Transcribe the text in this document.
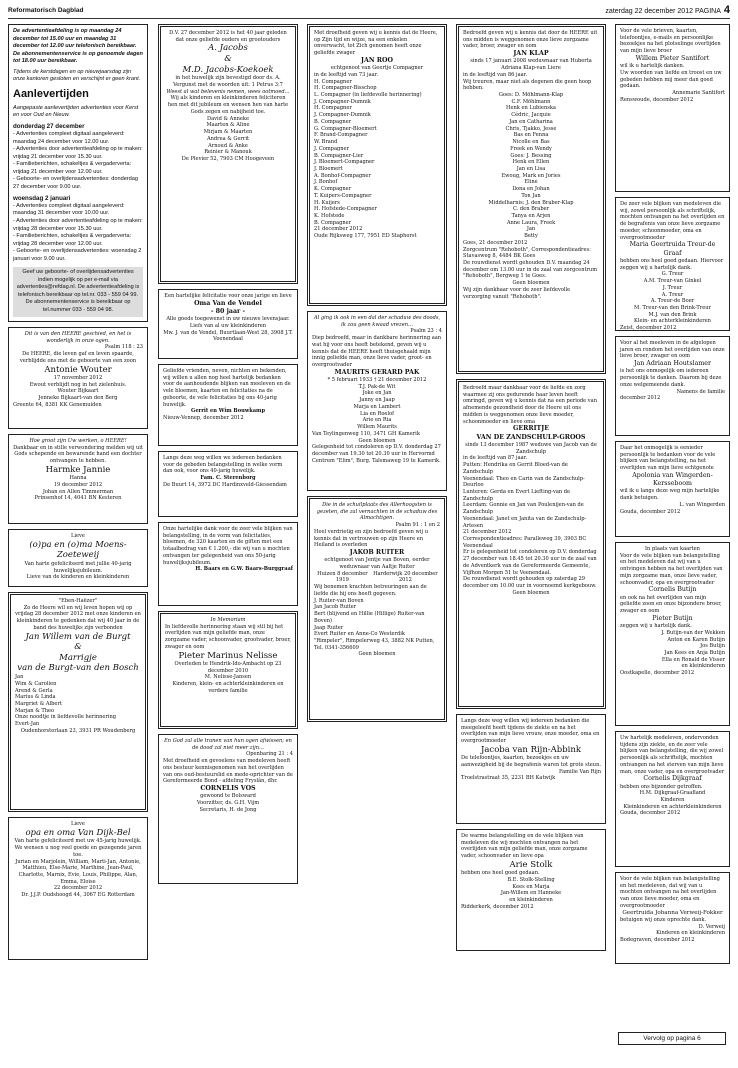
Reformatorisch Dagblad	zaterdag 22 december 2012 PAGINA 4
De advertentieafdeling is op maandag 24 december tot 15.00 uur en maandag 31 december tot 12.00 uur telefonisch bereikbaar. De abonnementenservice is op genoemde dagen tot 18.00 uur bereikbaar.
Tijdens de kerstdagen en op nieuwjaarsdag zijn onze kantoren gesloten en verschijnt er geen krant.
Aanlevertijden
Aangepaste aanlevertijden advertenties voor Kerst en voor Oud en Nieuw.
donderdag 27 december
- Advertenties compleet digitaal aangeleverd: maandag 24 december voor 12.00 uur.
- Advertenties door advertentieafdeling op te maken: vrijdag 21 december voor 15.30 uur.
- Familieberichten, schakeltjes & vergaderverta: vrijdag 21 december voor 12.00 uur.
- Geboorte- en overlijdensadvertenties: donderdag 27 december voor 9.00 uur.
woensdag 2 januari
- Advertenties compleet digitaal aangeleverd: maandag 31 december voor 10.00 uur.
- Advertenties door advertentieafdeling op te maken: vrijdag 28 december voor 15.30 uur.
- Familieberichten, schakeltjes & vergaderverta: vrijdag 28 december voor 12.00 uur.
- Geboorte- en overlijdensadvertenties: woensdag 2 januari voor 9.00 uur.
Geef uw geboorte- of overlijdensadvertenties indien mogelijk op per e-mail via advertenties@refdag.nl. De advertentieafdeling is telefonisch bereikbaar op tel.nr. 033 - 559 04 99. De abonnementenservice is bereikbaar op tel.nummer 033 - 559 04 98.
Dit is van den HEERE geschied, en het is wonderlijk in onze ogen.
Psalm 118 : 23
De HEERE, die leven gaf en leven spaarde, verblijdde ons met de geboorte van een zoon
Antonie Wouter
17 november 2012
Ewout verblijdt nog in het zielenhuis.
Wouter Bijkaart
Jenneke Bijkaart-van den Berg
Greente 64, 8381 KK Genemuiden
Hoe groot zijn Uw werken, o HEERE!
Dankbaar en in stille verwondering melden wij uit Gods schepende en bewarende hand een dochter ontvangen te hebben.
Harmke Jannie
Hanna
19 december 2012
Johan en Allen Timmerman
Prinsenhof 14, 4041 BN Kesteren
Lieve
(o)pa en (o)ma Moens-Zoeteweij
Van harte gefeliciteerd met jullie 40-jarig huwelijksjubileum.
Lieve van de kinderen en kleinkinderen
"Eben-Haëzer"
Zo de Heere wil en wij leven hopen wij op vrijdag 28 december 2012 met onze kinderen en kleinkinderen te gedenken dat wij 40 jaar in de band des huwelijks zijn verbonden
Jan Willem van de Burgt
&
Marrigje
van de Burgt-van den Bosch
Jan
Wim & Carolien
Arend & Gerla
Marius & Linda
Margriet & Albert
Marjan & Theo
Onze noodtje in liefdevolle herinnering
Evert-Jan
Oudenhorsterlaan 23, 3931 PR Woudenberg
Lieve
opa en oma Van Dijk-Bel
Van harte gefeliciteerd met uw 45-jarig huwelijk. We wensen u nog veel goede en gezegende jaren toe.
Jurian en Marjolein, William, Marti-Jan, Antonie, Matthieu, Else-Marie, Marthine, Jean-Paul, Charlotte, Marnix, Evie, Louis, Philippe, Alan, Emma, Eloise
22 december 2012
Dr. J.J.P. Oudshoogd 44, 3067 EG Rotterdam
D.V. 27 december 2012 is het 40 jaar geleden dat onze geliefde ouders en grootouders
A. Jacobs
&
M.D. Jacobs-Koekoek
in het huwelijk zijn bevestigd door ds. A. Vergunst met de woorden uit: 1 Petrus 3:7
Weest al wat belevenis nemen, wees ootmoed...
Wij als kinderen en kleinkinderen feliciteren hen met dit jubileum en wensen hen van harte Gods zegen en nabijheid toe.
David & Anneke
Maarten & Aline
Mirjam & Maarten
Andrea & Gerrit
Arnoud & Anke
Reinier & Manouk
De Plevier 52, 7903 CM Hoogeveen
Een hartelijke felicitatie voor onze jarige en lieve
Oma Van de Vendel
- 80 jaar -
Alle goeds toegewenst in uw nieuwe levensjaar.
Liefs van al uw kleinkinderen
Mw. J. van de Vendel, Buurtlaan-West 28, 3908 J.T. Veenendaal
Geliefde vrienden, neven, nichten en bekenden, wij willen u allen nog heel hartelijk bedanken voor de aanhoudende blijken van meeleven en de vele bloemen, kaarten en felicitaties na de geboorte, de vele felicitaties bij ons 40-jarig huwelijk.
Gerrit en Wim Bouwkamp
Nieuw-Vennep, december 2012
Langs deze weg willen we iedereen bedanken voor de gebeden belangstelling in welke vorm dan ook, voor ons 40-jarig huwelijk.
Fam. C. Sterenborg
De Buurt 14, 3972 DC Hardinxveld-Giessendam
Onze hartelijke dank voor de zeer vele blijken van belangstelling, in de vorm van felicitaties, bloemen, de 320 kaarten en de giften met een totaalbedrag van € 1.200,- die wij van u mochten ontvangen ter gelegenheid van ons 50-jarig huwelijksjubileum.
H. Baars en G.W. Baars-Burggraaf
In Memoriam
In liefdevolle herinnering staan wij stil bij het overlijden van mijn geliefde man, onze zorgzame vader, schoonvader, grootvader, broer, zwager en oom
Pieter Marinus Nelisse
Overleden te Hendrik-Ido-Ambacht op 23 december 2010
M. Nelisse-Jansen
Kinderen, klein- en achterkleinkinderen en verdere familie
En God zal alle tranen van hun ogen afwissen; en de dood zal niet meer zijn...
Openbaring 21 : 4
Met droefheid en gevoelens van medeleven heeft ons bestuur kennisgenomen van het overlijden van ons oud-bestuurslid en mede-oprichter van de Gereformeerde Bond - afdeling Fryslân, dhr.
CORNELIS VOS
gewoond te Bolsward
Voorzitter, ds. G.H. Vijm
Secretaris, H. de Jong
Met droefheid geven wij u kennis dat de Heere, op Zijn tijd en wijze, na een enkelen onverwacht, tot Zich genomen heeft onze geliefde zwager
JAN ROO
echtgenoot van Geertje Compagner
in de leeftijd van 73 jaar.
H. Compagner
H. Compagner-Bisschop
L. Compagner (in liefdevolle herinnering)
J. Compagner-Dumnik
H. Compagner
J. Compagner-Dumnik
B. Compagner
G. Compagner-Bloemert
F. Brand-Compagner
W. Brand
J. Compagner
B. Compagner-Lier
J. Bloemert-Compagner
J. Bloemert
A. Bonhof-Compagner
J. Bonhof
K. Compagner
T. Kuipers-Compagner
H. Kuijers
H. Hofstede-Compagner
K. Hofstede
B. Compagner
21 december 2012
Oude Rijksweg 177, 7951 ED Staphorst
Al ging ik ook in een dal der schaduw des doods, ik zou geen kwaad vrezen...
Psalm 23 : 4
Diep bedroefd, maar in dankbare herinnering aan wat hij voor ons heeft betekend, geven wij u kennis dat de HEERE heeft thuisgehaald mijn innig geliefde man, onze lieve vader, groot- en overgrootvader
MAURITS GERARD PAK
* 5 februari 1933 † 21 december 2012
T.J. Pak-de Wit
Joke en Jan
Janny en Jaap
Marja en Lambert
Lia en Roelof
Arie en Ria
Willem Maurits
Van Teylingenweg 110, 3471 GH Kamerik
Geen bloemen
Gelegenheid tot condoleren op D.V. donderdag 27 december van 19.30 tot 20.30 uur in Hervormd Centrum "Elim", Burg. Talsmaweg 19 te Kamerik.
Die in de schuilplaats des Allerhoogsten is gezeten, die zal vernachten in de schaduw des Almachtigen.
Psalm 91 : 1 en 2
Heel verdrietig en zijn bedroefd geven wij u kennis dat in vertrouwen op zijn Heere en Heiland is overleden
JAKOB RUITER
echtgenoot van Jentje van Boven, eerder weduwnaar van Aaltje Ruiter
Huizen 8 december 1919
Harderwijk 20 december 2012
Wij benemen krachten betreuringen aan de liefde die hij ons heeft gegeven.
J. Ruiter-van Boven
Jan Jacob Ruiter
Bert (blijvend en Hillie (Hillige) Ruiter-van Boven)
Jaap Ruiter
Evert Ruiter en Anne-Co Westerdik
"Rimpeler", Rimpelerweg 43, 3882 NK Putten, Tel. 0341-356609
Geen bloemen
Bedroefd geven wij u kennis dat door de HEERE uit ons midden is weggenomen onze lieve zorgzame vader, broer, zwager en oom
JAN KLAP
sinds 17 januari 2008 weduwnaar van Huberta Adriana Klap-van Liere
in de leeftijd van 86 jaar.
Wij treuren, maar niet als degenen die geen hoop hebben.
Goes: D. Möhlmann-Klap
C.F. Möhlmann
Henk en Lubienska
Cédric, Jacquie
Jan en Catharina
Chris, Tjakko, Jesse
Bas en Fenna
Nicolle en Bas
Freek en Wendy
Goes: J. Bessing
Henk en Ellen
Jan en Lisa
Ewoug, Mark en Jories
Eline
Ilona en Johan
Ton Jan
Middelharnis: J. den Braber-Klap
C. den Braber
Tanya en Arjen
Anne Laura, Freek
Jan
Betty
Goes, 21 december 2012
Zorgcentrum "Rehoboth", Correspondentieadres: Stavasweg 8, 4484 BK Goes
De rouwdienst wordt gehouden D.V. maandag 24 december om 13.00 uur in de zaal van zorgcentrum "Rehoboth", Bergweg 1 te Goes.
Geen bloemen
Wij zijn dankbaar voor de zeer liefdevolle verzorging vanuit "Rehoboth".
Bedroefd maar dankbaar voor de liefde en zorg waarmee zij ons gedurende haar leven heeft omringd, geven wij u kennis dat na een periode van afnemende gezondheid door de Heere uit ons midden is weggenomen onze lieve moeder, schoonmoeder en lieve oma
GERRITJE
VAN DE ZANDSCHULP-GROOS
sinds 13 december 1987 weduwe van Jacob van de Zandschulp
in de leeftijd van 87 jaar.
Putten: Hendrika en Gerrit Bloed-van de Zandschulp
Veenendaal: Theo en Carin van de Zandschulp-Deurloo
Lunteren: Gerda en Evert Liefting-van de Zandschulp
Leerdam: Gonnie en Jan van Poulenijen-van de Zandschulp
Veenendaal: Janet en Janita van de Zandschulp-Artesen
21 december 2012
Correspondentieadres: Paralleweg 39, 3903 BC Veenendaal
Er is gelegenheid tot condoleren op D.V. donderdag 27 december van 18.45 tot 20.30 uur in de zaal van de Adventkerk van de Gereformeerde Gemeente, Vijfhon Morgen 51 te Veenendaal.
De rouwdienst wordt gehouden op zaterdag 29 december om 10.00 uur in voornoemd kerkgebouw.
Geen bloemen
Langs deze weg willen wij iedereen bedanken die meegeleefd heeft tijdens de ziekte en na het overlijden van mijn lieve vrouw, onze moeder, oma en overgrootmoeder
Jacoba van Rijn-Abbink
De telefoontjes, kaarten, bezoekjes en uw aanwezigheid bij de begrafenis waren tot grote steun.
Familie Van Rijn
Troelstrastraat 35, 2231 BH Katwijk
De warme belangstelling en de vele blijken van medeleven die wij mochten ontvangen na het overlijden van mijn geliefde man, onze zorgzame vader, schoonvader en lieve opa
Arie Stolk
hebben ons heel goed gedaan.
B.E. Stolk-Stelling
Kees en Marja
Jan-Willem en Hanneke
en kleinkinderen
Ridderkerk, december 2012
Voor de vele brieven, kaarten, telefoontjes, e-mails en persoonlijke bezoekjes na het plotselinge overlijden van mijn lieve broer
Willem Pieter Santifort
wil ik u hartelijk danken.
Uw woorden van liefde en troost en uw gebeden hebben mij meer dan goed gedaan.
Annemarie Santifort
Renswoude, december 2012
De zeer vele blijken van medeleven die wij, zowel persoonlijk als schriftelijk, mochten ontvangen na het overlijden en de begrafenis van onze lieve zorgzame moeder, schoonmoeder, oma en overgrootmoeder
Maria Geertruida Treur-de Graaf
hebben ons heel goed gedaan. Hiervoor zeggen wij u hartelijk dank.
G. Treur
A.M. Treur-van Ginkel
J. Treur
A. Treur
A. Treur-de Boer
M. Treur-van den Brink-Treur
M.J. van den Brink
Klein- en achterkleinkinderen
Zeist, december 2012
Voor al het meeleven in de afgelopen jaren en rondom het overlijden van onze lieve broer, zwager en oom
Jan Adriaan Houtslamer
is het ons onmogelijk om iedereen persoonlijk te danken. Daarom bij deze onze welgemeende dank.
Namens de familie
december 2012
Daar het onmogelijk is eenieder persoonlijk te bedanken voor de vele blijken van belangstelling, na het overlijden van mijn lieve echtgenote
Apolonia van Wingerden-
Kersseboom
wil ik u langs deze weg mijn hartelijke dank betuigen.
L. van Wingerden
Gouda, december 2012
In plaats van kaarten
Voor de vele blijken van belangstelling en het medeleven dat wij van u ontvingen hebben na het overlijden van mijn zorgzame man, onze lieve vader, schoonvader, opa en overgrootvader
Cornelis Butijn
en ook na het overlijden van mijn geliefde zoon en onze bijzondere broer, zwager en oom
Pieter Butijn
zeggen wij u hartelijk dank.
J. Butijn-van der Wekken
Anton en Karen Butijn
Jos Butijn
Jan Kees en Anja Butijn
Ella en Ronald de Visser
en kleinkinderen
Oostkapelle, december 2012
Uw hartelijk medeleven, ondervonden tijdens zijn ziekte, en de zeer vele blijken van belangstelling, die wij zowel persoonlijk als schriftelijk, mochten ontvangen na het sterven van mijn lieve man, onze vader, opa en overgrootvader
Cornelis Dijkgraaf
hebben ons bijzonder getroffen.
H.M. Dijkgraaf-Graafland
Kinderen
Kleinkinderen en achterkleinkinderen
Gouda, december 2012
Voor de vele blijken van belangstelling en het medeleven, dat wij van u mochten ontvangen na het overlijden van onze lieve moeder, oma en overgrootmoeder
Geertruida Johanna Verweij-Fokker
betuigen wij onze oprechte dank.
D. Verweij
Kinderen en kleinkinderen
Bodegraven, december 2012
Vervolg op pagina 6
